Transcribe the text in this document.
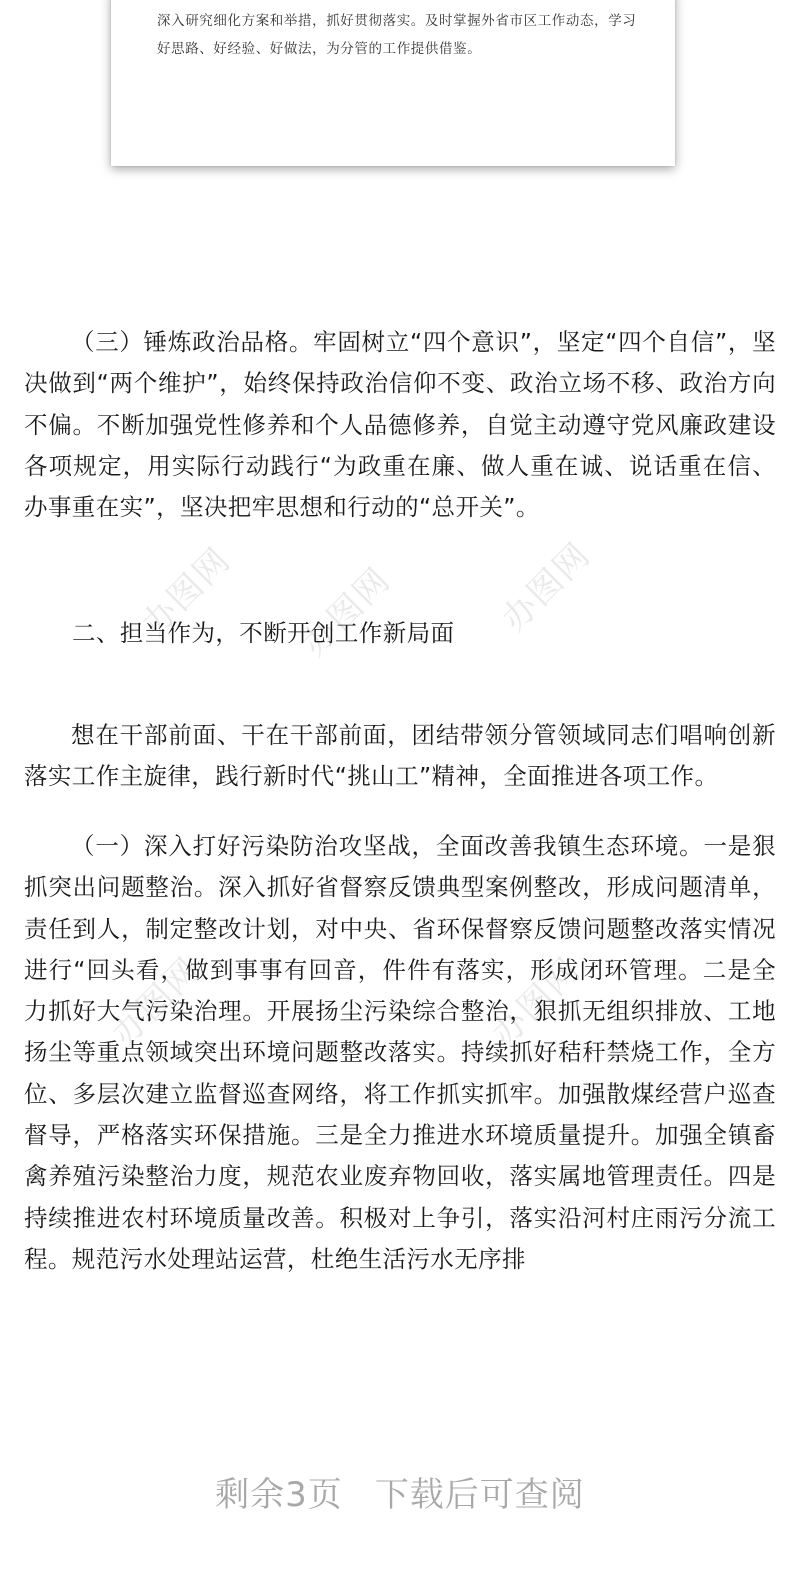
深入研究细化方案和举措，抓好贯彻落实。及时掌握外省市区工作动态，学习好思路、好经验、好做法，为分管的工作提供借鉴。

办图网 办图网	办图网
办图网	办图网

（三）锤炼政治品格。牢固树立“四个意识”，坚定“四个自信”，坚决做到“两个维护”，始终保持政治信仰不变、政治立场不移、政治方向不偏。不断加强党性修养和个人品德修养，自觉主动遵守党风廉政建设各项规定，用实际行动践行“为政重在廉、做人重在诚、说话重在信、办事重在实”，坚决把牢思想和行动的“总开关”。

二、担当作为，不断开创工作新局面

想在干部前面、干在干部前面，团结带领分管领域同志们唱响创新落实工作主旋律，践行新时代“挑山工”精神，全面推进各项工作。

（一）深入打好污染防治攻坚战，全面改善我镇生态环境。一是狠抓突出问题整治。深入抓好省督察反馈典型案例整改，形成问题清单，责任到人，制定整改计划，对中央、省环保督察反馈问题整改落实情况进行“回头看，做到事事有回音，件件有落实，形成闭环管理。二是全力抓好大气污染治理。开展扬尘污染综合整治，狠抓无组织排放、工地扬尘等重点领域突出环境问题整改落实。持续抓好秸秆禁烧工作，全方位、多层次建立监督巡查网络，将工作抓实抓牢。加强散煤经营户巡查督导，严格落实环保措施。三是全力推进水环境质量提升。加强全镇畜禽养殖污染整治力度，规范农业废弃物回收，落实属地管理责任。四是持续推进农村环境质量改善。积极对上争引，落实沿河村庄雨污分流工程。规范污水处理站运营，杜绝生活污水无序排

剩余3页 下载后可查阅
